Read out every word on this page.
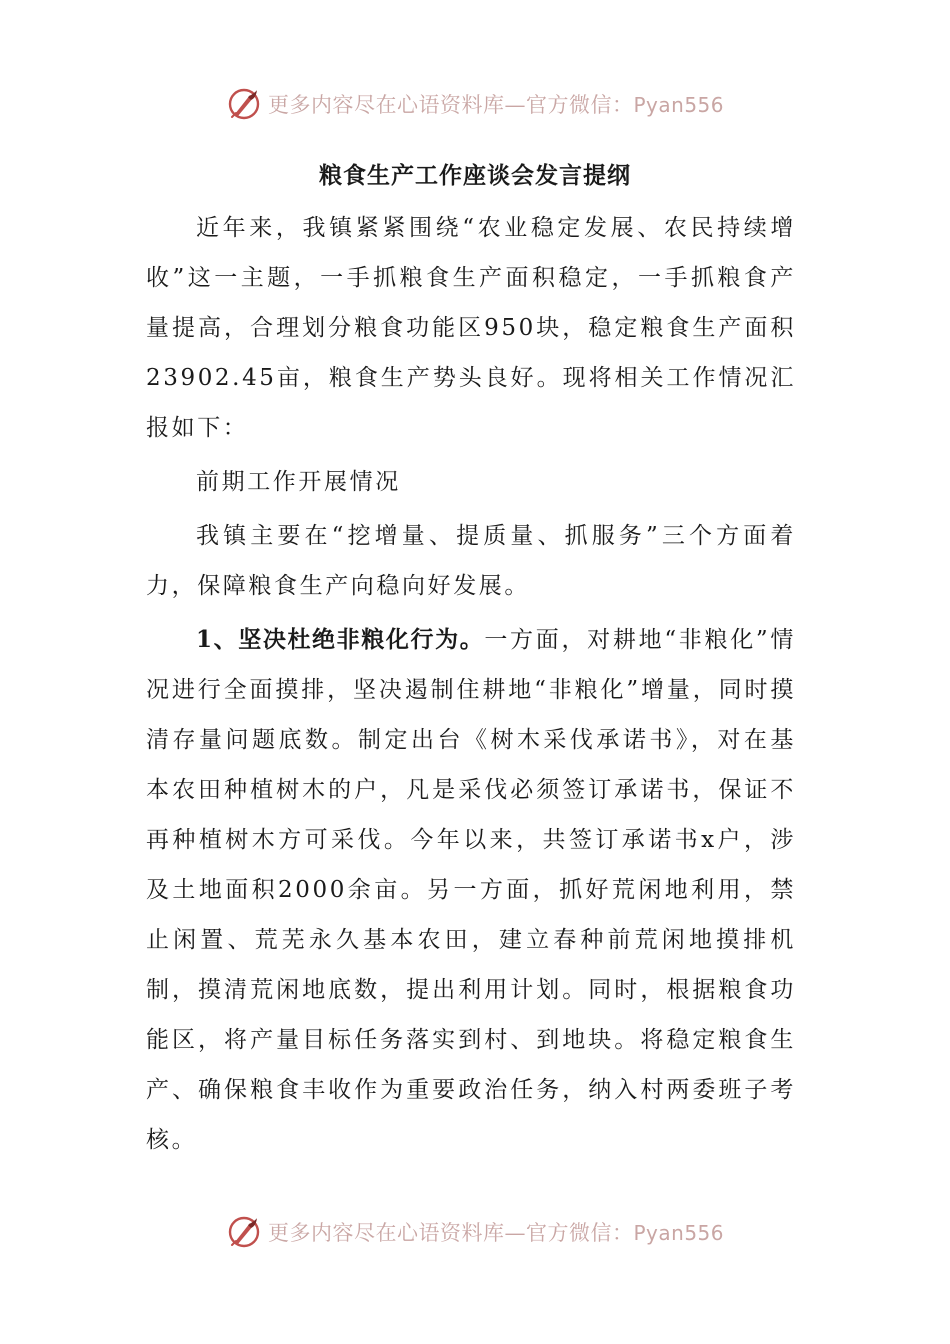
更多内容尽在心语资料库—官方微信：Pyan556
粮食生产工作座谈会发言提纲

近年来，我镇紧紧围绕“农业稳定发展、农民持续增收”这一主题，一手抓粮食生产面积稳定，一手抓粮食产量提高，合理划分粮食功能区950块，稳定粮食生产面积23902.45亩，粮食生产势头良好。现将相关工作情况汇报如下：

前期工作开展情况

我镇主要在“挖增量、提质量、抓服务”三个方面着力，保障粮食生产向稳向好发展。

1、坚决杜绝非粮化行为。一方面，对耕地“非粮化”情况进行全面摸排，坚决遏制住耕地“非粮化”增量，同时摸清存量问题底数。制定出台《树木采伐承诺书》，对在基本农田种植树木的户，凡是采伐必须签订承诺书，保证不再种植树木方可采伐。今年以来，共签订承诺书x户，涉及土地面积2000余亩。另一方面，抓好荒闲地利用，禁止闲置、荒芜永久基本农田，建立春种前荒闲地摸排机制，摸清荒闲地底数，提出利用计划。同时，根据粮食功能区，将产量目标任务落实到村、到地块。将稳定粮食生产、确保粮食丰收作为重要政治任务，纳入村两委班子考核。

更多内容尽在心语资料库—官方微信：Pyan556
